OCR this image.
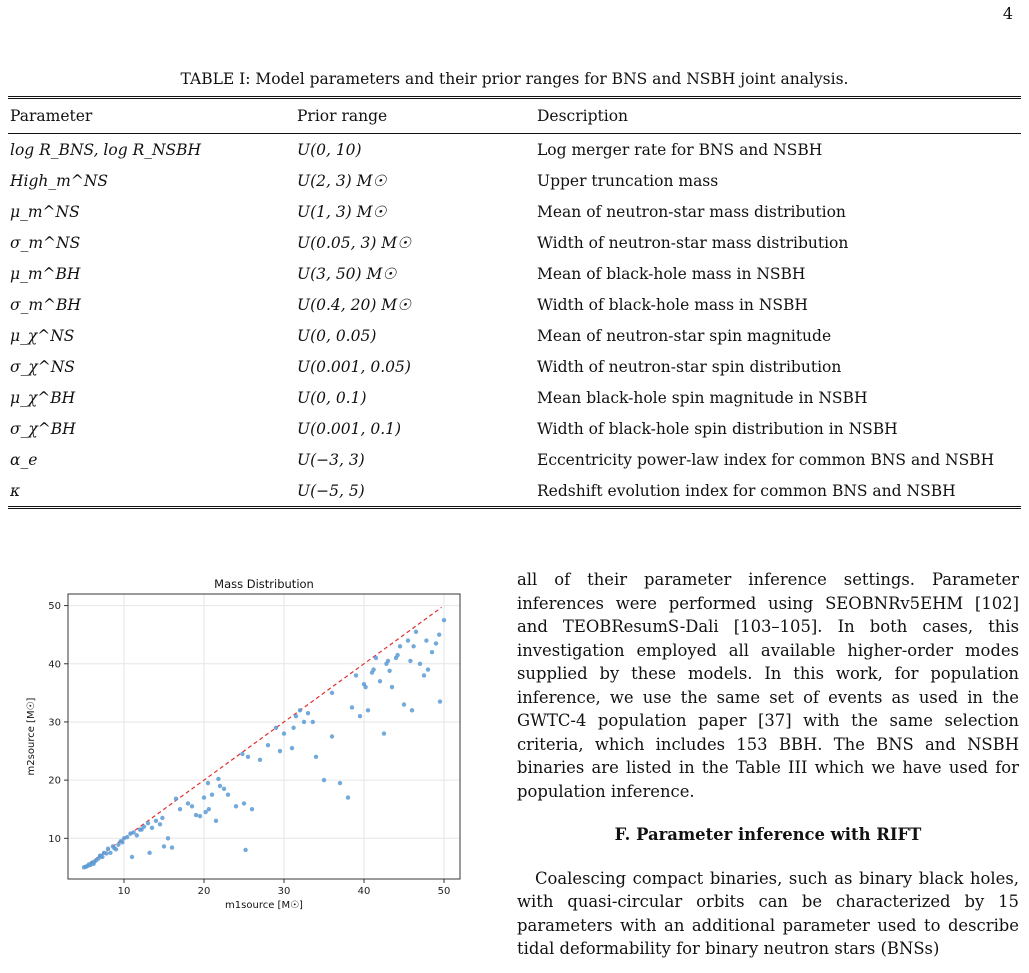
4
TABLE I: Model parameters and their prior ranges for BNS and NSBH joint analysis.
Parameter	Prior range	Description
log R_BNS, log R_NSBH	U(0, 10)	Log merger rate for BNS and NSBH
High_m^NS	U(2, 3) M☉	Upper truncation mass
μ_m^NS	U(1, 3) M☉	Mean of neutron-star mass distribution
σ_m^NS	U(0.05, 3) M☉	Width of neutron-star mass distribution
μ_m^BH	U(3, 50) M☉	Mean of black-hole mass in NSBH
σ_m^BH	U(0.4, 20) M☉	Width of black-hole mass in NSBH
μ_χ^NS	U(0, 0.05)	Mean of neutron-star spin magnitude
σ_χ^NS	U(0.001, 0.05)	Width of neutron-star spin distribution
μ_χ^BH	U(0, 0.1)	Mean black-hole spin magnitude in NSBH
σ_χ^BH	U(0.001, 0.1)	Width of black-hole spin distribution in NSBH
α_e	U(−3, 3)	Eccentricity power-law index for common BNS and NSBH
κ	U(−5, 5)	Redshift evolution index for common BNS and NSBH
10	20	30	40	50
10
20
30
40
50
Mass Distribution
m1source [M☉]
m2source [M☉]

all of their parameter inference settings. Parameter inferences were performed using SEOBNRv5EHM [102] and TEOBResumS-Dali [103–105]. In both cases, this investigation employed all available higher-order modes supplied by these models. In this work, for population inference, we use the same set of events as used in the GWTC-4 population paper [37] with the same selection criteria, which includes 153 BBH. The BNS and NSBH binaries are listed in the Table III which we have used for population inference.

F. Parameter inference with RIFT

Coalescing compact binaries, such as binary black holes, with quasi-circular orbits can be characterized by 15 parameters with an additional parameter used to describe tidal deformability for binary neutron stars (BNSs)
